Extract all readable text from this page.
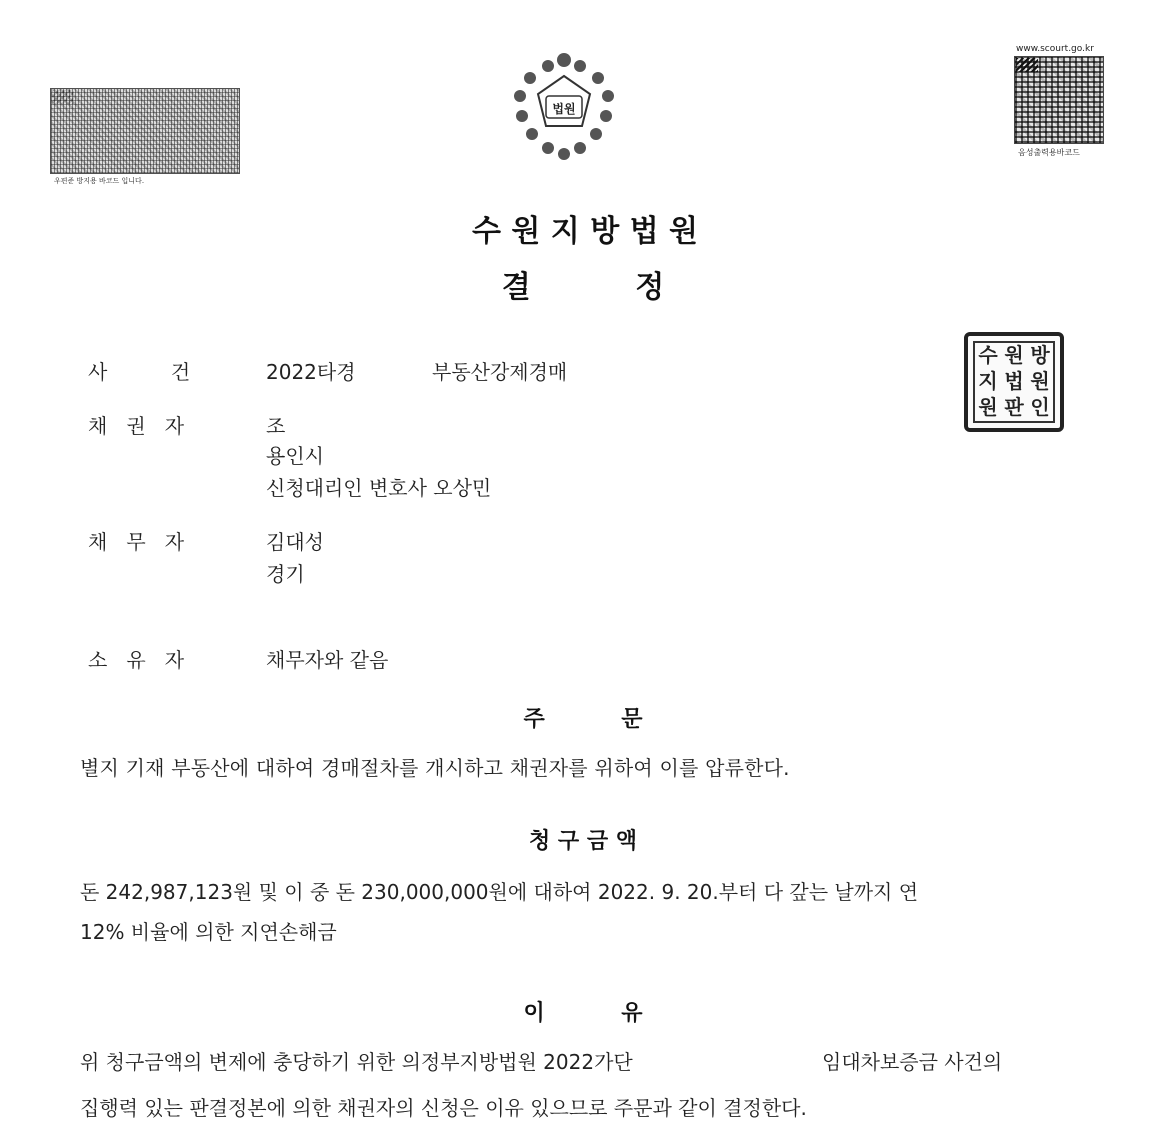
우편준 방지용 바코드 입니다.
법원
www.scourt.go.kr
음성출력용바코드
수 원 지 방 법 원
결          정
수 원 방
지 법 원
원 판 인
사          건	2022타경	부동산강제경매
채   권   자	조
용인시
신청대리인 변호사 오상민
채   무   자	김대성
경기
소   유   자	채무자와 같음
주          문
별지 기재 부동산에 대하여 경매절차를 개시하고 채권자를 위하여 이를 압류한다.
청 구 금 액
돈 242,987,123원 및 이 중 돈 230,000,000원에 대하여 2022. 9. 20.부터 다 갚는 날까지 연
12% 비율에 의한 지연손해금
이          유
위 청구금액의 변제에 충당하기 위한 의정부지방법원 2022가단	임대차보증금 사건의
집행력 있는 판결정본에 의한 채권자의 신청은 이유 있으므로 주문과 같이 결정한다.
